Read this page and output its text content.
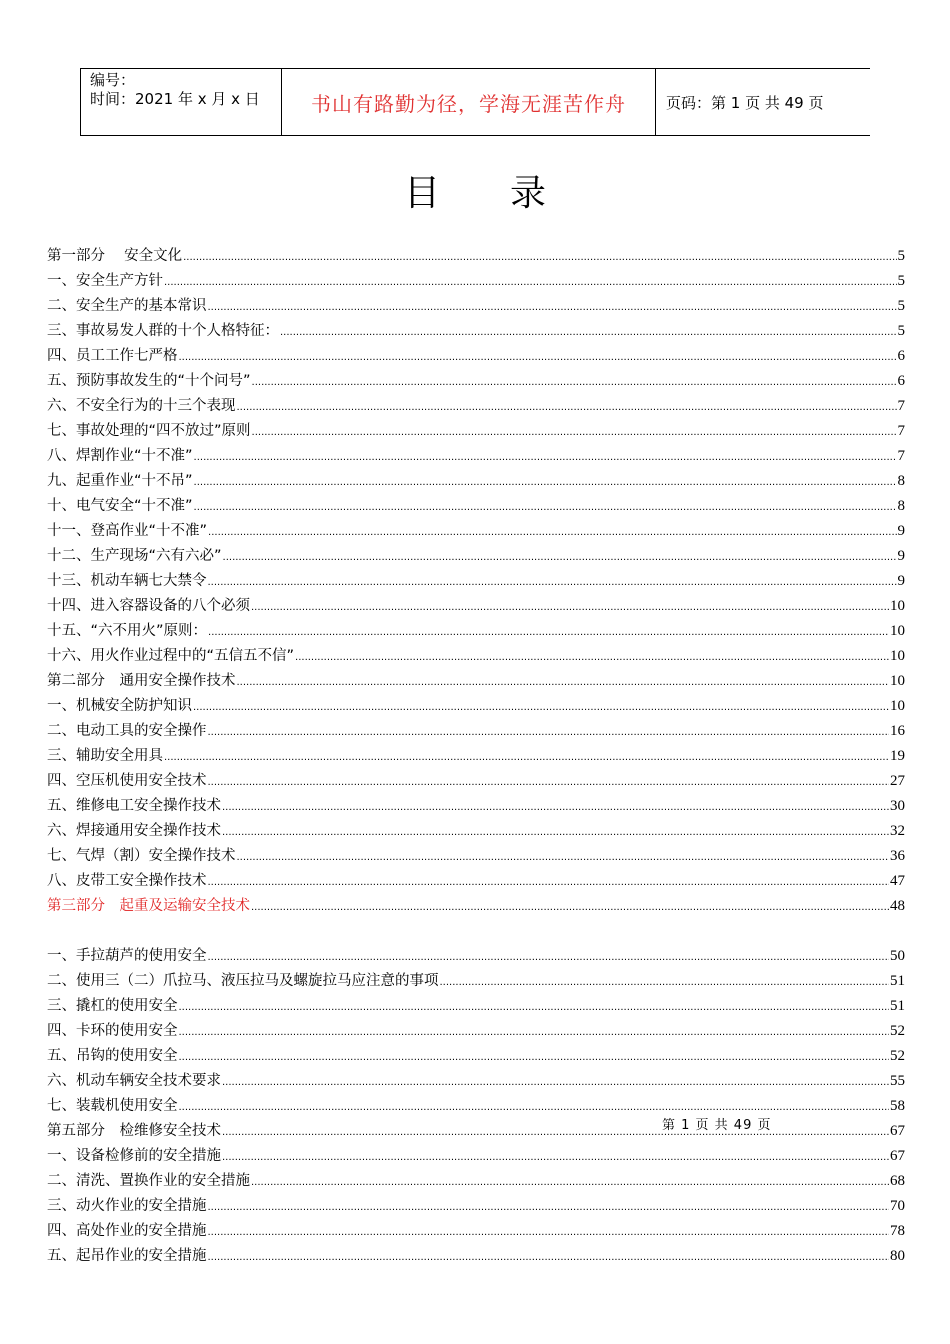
编号：
时间：2021 年 x 月 x 日	书山有路勤为径，学海无涯苦作舟	页码：第 1 页 共 49 页
目录
第一部分　 安全文化 .....	5
一、安全生产方针 .....	5
二、安全生产的基本常识 .....	5
三、事故易发人群的十个人格特征： .....	5
四、员工工作七严格 .....	6
五、预防事故发生的“十个问号” .....	6
六、不安全行为的十三个表现 .....	7
七、事故处理的“四不放过”原则 .....	7
八、焊割作业“十不准” .....	7
九、起重作业“十不吊” .....	8
十、电气安全“十不准” .....	8
十一、登高作业“十不准” .....	9
十二、生产现场“六有六必” .....	9
十三、机动车辆七大禁令 .....	9
十四、进入容器设备的八个必须 .....	10
十五、“六不用火”原则： .....	10
十六、用火作业过程中的“五信五不信” .....	10
第二部分　通用安全操作技术 .....	10
一、机械安全防护知识 .....	10
二、电动工具的安全操作 .....	16
三、辅助安全用具 .....	19
四、空压机使用安全技术 .....	27
五、维修电工安全操作技术 .....	30
六、焊接通用安全操作技术 .....	32
七、气焊（割）安全操作技术 .....	36
八、皮带工安全操作技术 .....	47
第三部分　起重及运输安全技术 .....	48
一、手拉葫芦的使用安全 .....	50
二、使用三（二）爪拉马、液压拉马及螺旋拉马应注意的事项 .....	51
三、撬杠的使用安全 .....	51
四、卡环的使用安全 .....	52
五、吊钩的使用安全 .....	52
六、机动车辆安全技术要求 .....	55
七、装载机使用安全 .....	58
第五部分　检维修安全技术 .....	67
一、设备检修前的安全措施 .....	67
二、清洗、置换作业的安全措施 .....	68
三、动火作业的安全措施 .....	70
四、高处作业的安全措施 .....	78
五、起吊作业的安全措施 .....	80
第 1 页 共 49 页
